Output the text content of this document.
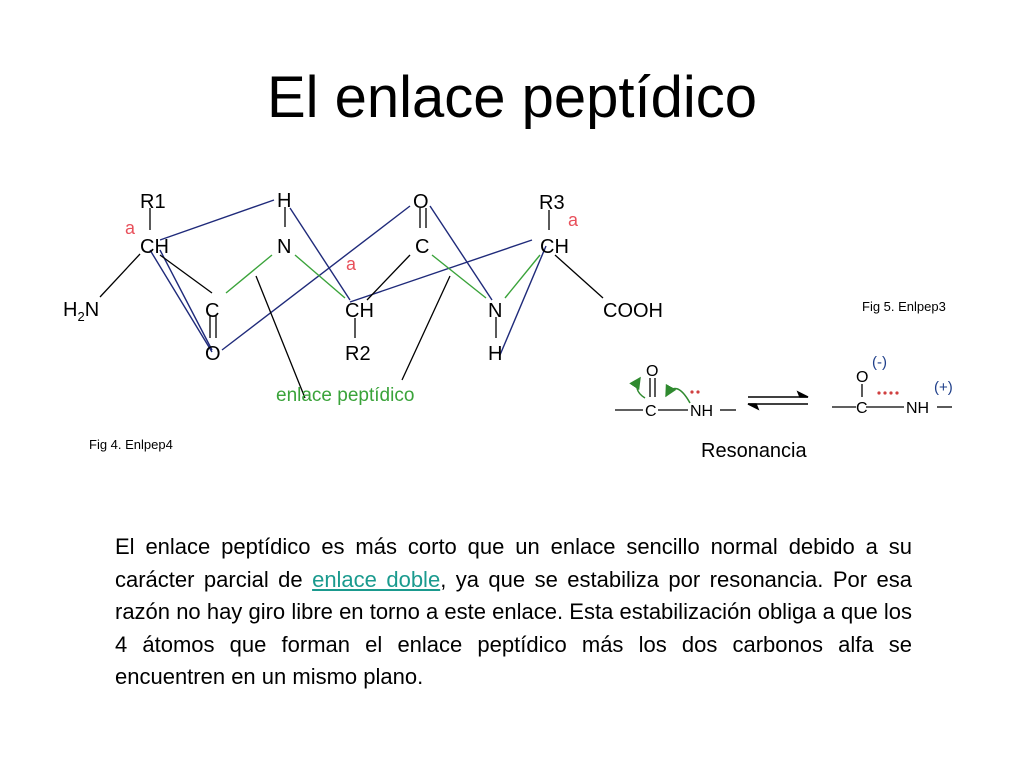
El enlace peptídico
R1	H	O	R3
CH	N	C	CH
C	CH	N	COOH
O	R2	H
$H_2N$
a
a
a
enlace peptídico
O
C NH
O
C NH
(-)
(+)
Fig 4. Enlpep4
Fig 5. Enlpep3
Resonancia

El enlace peptídico es más corto que un enlace sencillo normal debido a su carácter parcial de enlace doble, ya que se estabiliza por resonancia. Por esa razón no hay giro libre en torno a este enlace. Esta estabilización obliga a que los 4 átomos que forman el enlace peptídico más los dos carbonos alfa se encuentren en un mismo plano.
